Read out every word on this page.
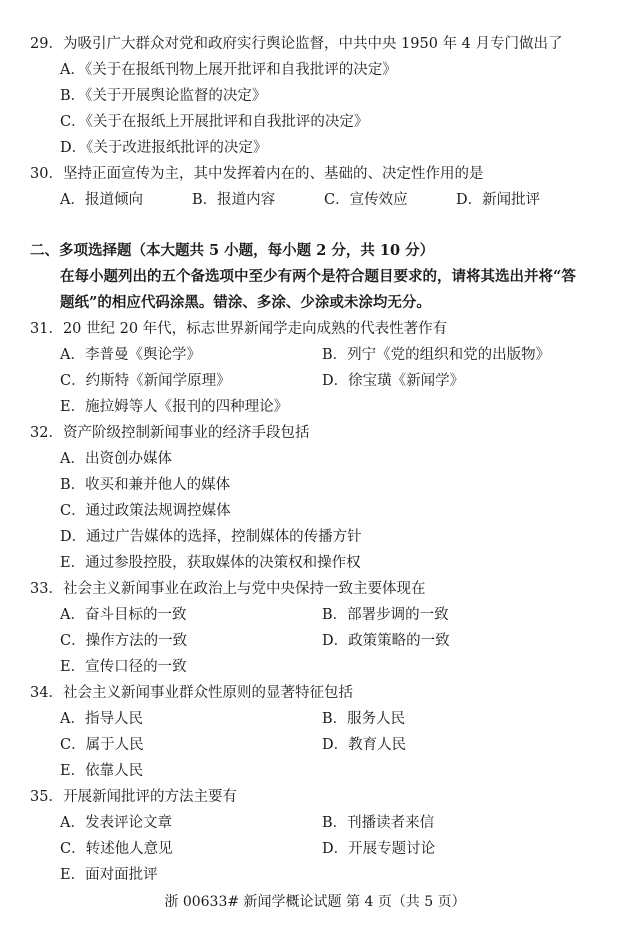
29．为吸引广大群众对党和政府实行舆论监督，中共中央 1950 年 4 月专门做出了
A．《关于在报纸刊物上展开批评和自我批评的决定》
B．《关于开展舆论监督的决定》
C．《关于在报纸上开展批评和自我批评的决定》
D．《关于改进报纸批评的决定》
30．坚持正面宣传为主，其中发挥着内在的、基础的、决定性作用的是
A．报道倾向	B．报道内容	C．宣传效应	D．新闻批评
二、多项选择题（本大题共 5 小题，每小题 2 分，共 10 分）
在每小题列出的五个备选项中至少有两个是符合题目要求的，请将其选出并将“答
题纸”的相应代码涂黑。错涂、多涂、少涂或未涂均无分。
31．20 世纪 20 年代，标志世界新闻学走向成熟的代表性著作有
A．李普曼《舆论学》	B．列宁《党的组织和党的出版物》
C．约斯特《新闻学原理》	D．徐宝璜《新闻学》
E．施拉姆等人《报刊的四种理论》
32．资产阶级控制新闻事业的经济手段包括
A．出资创办媒体
B．收买和兼并他人的媒体
C．通过政策法规调控媒体
D．通过广告媒体的选择，控制媒体的传播方针
E．通过参股控股，获取媒体的决策权和操作权
33．社会主义新闻事业在政治上与党中央保持一致主要体现在
A．奋斗目标的一致	B．部署步调的一致
C．操作方法的一致	D．政策策略的一致
E．宣传口径的一致
34．社会主义新闻事业群众性原则的显著特征包括
A．指导人民	B．服务人民
C．属于人民	D．教育人民
E．依靠人民
35．开展新闻批评的方法主要有
A．发表评论文章	B．刊播读者来信
C．转述他人意见	D．开展专题讨论
E．面对面批评
浙 00633# 新闻学概论试题 第 4 页（共 5 页）
